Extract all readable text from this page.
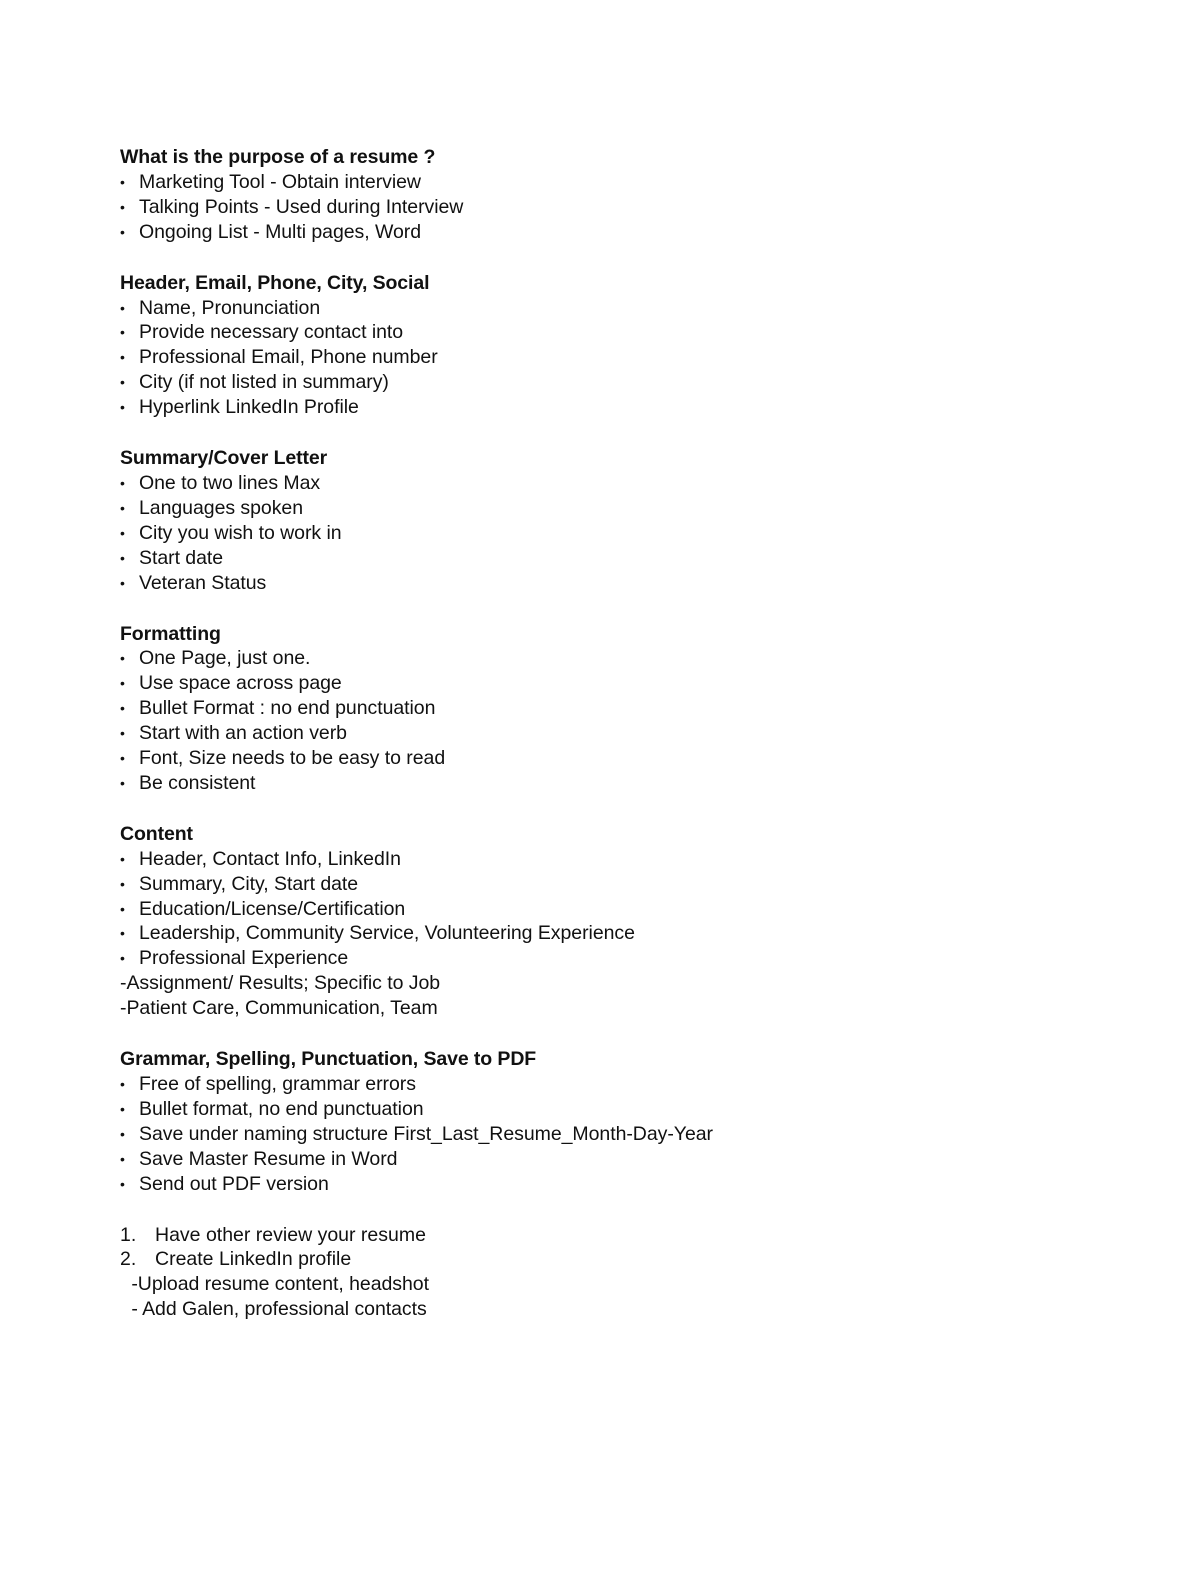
What is the purpose of a resume ?

• Marketing Tool - Obtain interview
• Talking Points - Used during Interview
• Ongoing List - Multi pages, Word

Header, Email, Phone, City, Social

• Name, Pronunciation
• Provide necessary contact into
• Professional Email, Phone number
• City (if not listed in summary)
• Hyperlink LinkedIn Profile

Summary/Cover Letter

• One to two lines Max
• Languages spoken
• City you wish to work in
• Start date
• Veteran Status

Formatting

• One Page, just one.
• Use space across page
• Bullet Format : no end punctuation
• Start with an action verb
• Font, Size needs to be easy to read
• Be consistent

Content

• Header, Contact Info, LinkedIn
• Summary, City, Start date
• Education/License/Certification
• Leadership, Community Service, Volunteering Experience
• Professional Experience
-Assignment/ Results; Specific to Job
-Patient Care, Communication, Team

Grammar, Spelling, Punctuation, Save to PDF

• Free of spelling, grammar errors
• Bullet format, no end punctuation
• Save under naming structure First_Last_Resume_Month-Day-Year
• Save Master Resume in Word
• Send out PDF version
1. Have other review your resume
2. Create LinkedIn profile
-Upload resume content, headshot
- Add Galen, professional contacts
